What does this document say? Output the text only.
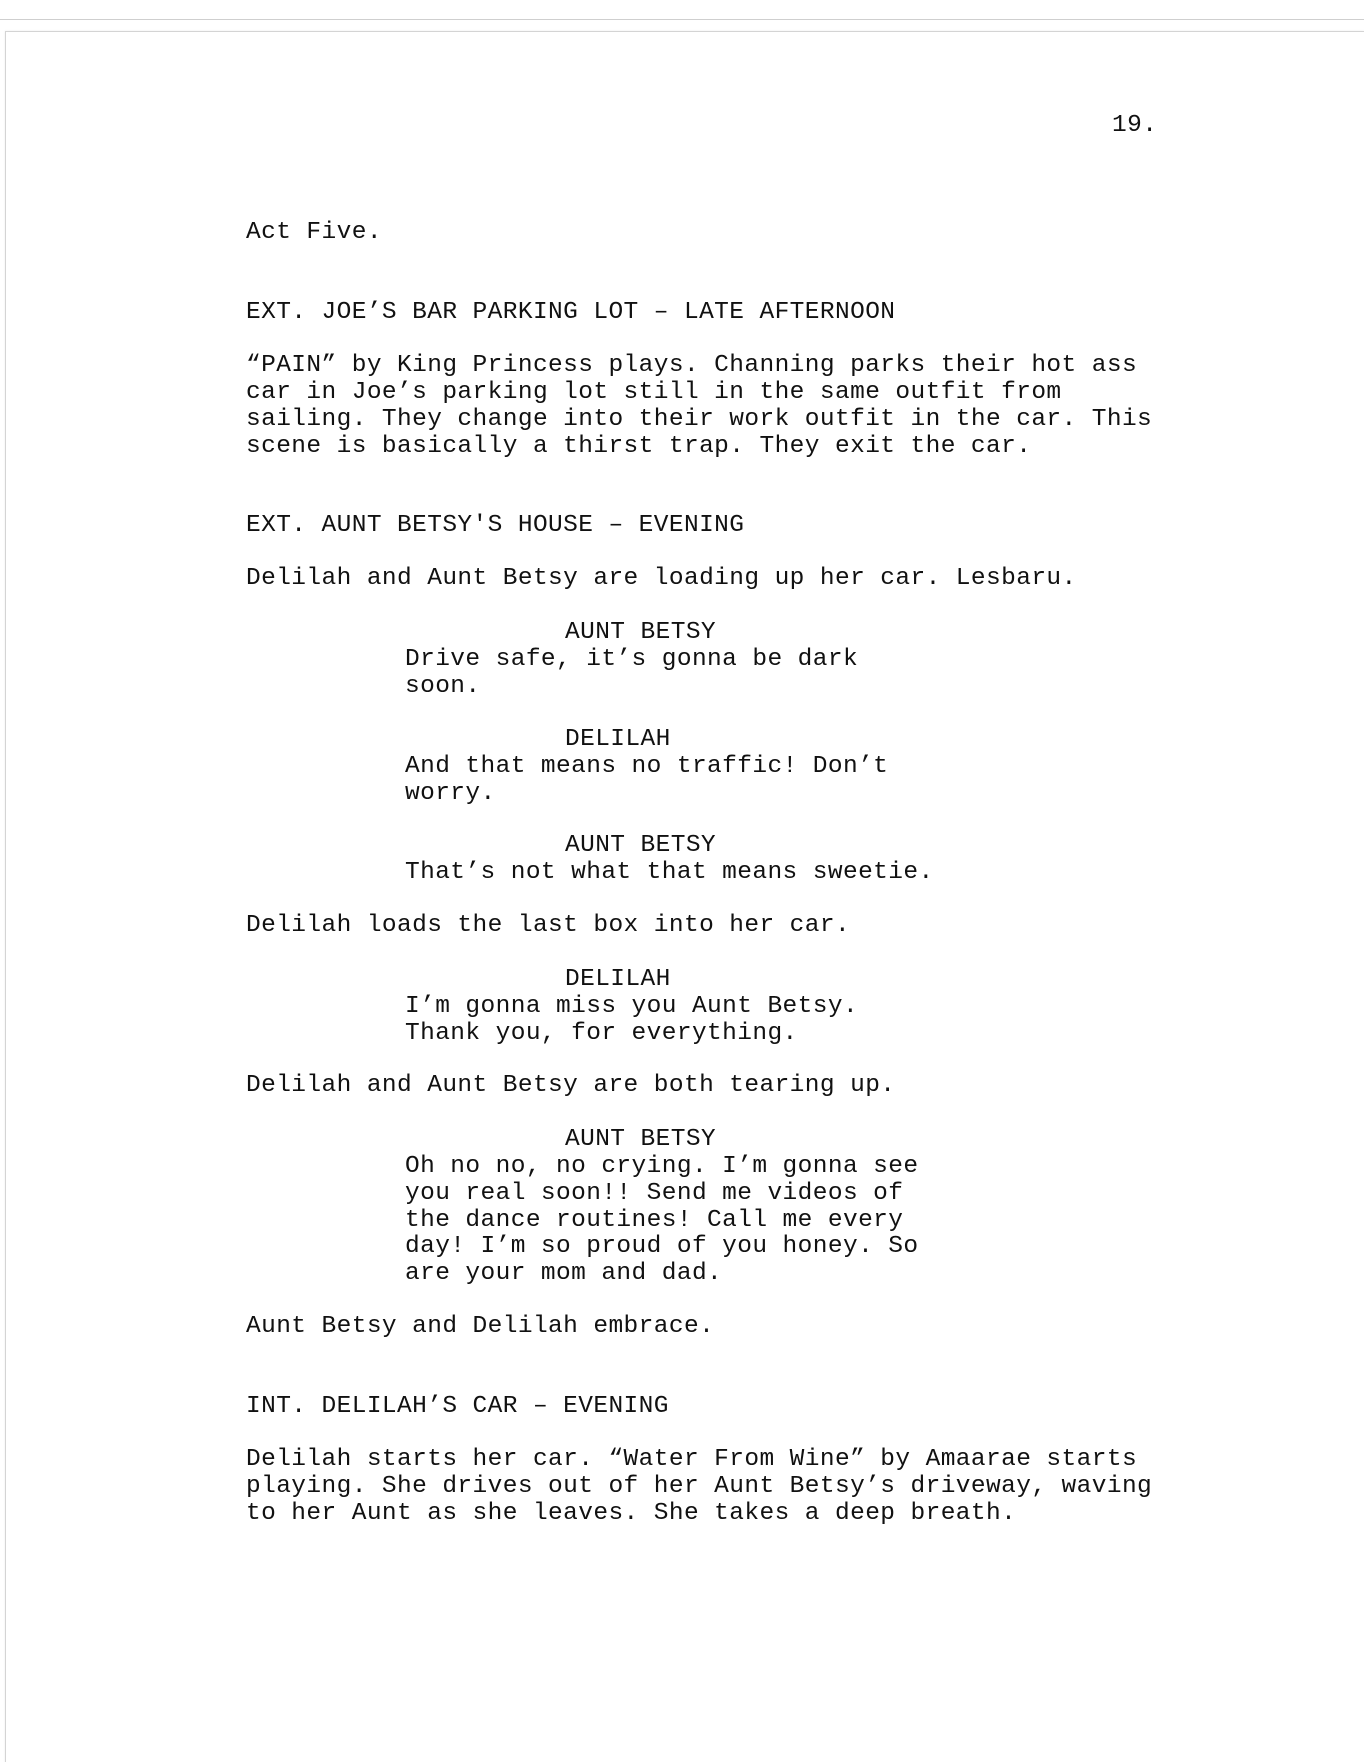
19.

Act Five.

EXT. JOE’S BAR PARKING LOT – LATE AFTERNOON

“PAIN” by King Princess plays. Channing parks their hot ass

car in Joe’s parking lot still in the same outfit from

sailing. They change into their work outfit in the car. This

scene is basically a thirst trap. They exit the car.

EXT. AUNT BETSY'S HOUSE – EVENING

Delilah and Aunt Betsy are loading up her car. Lesbaru.

AUNT BETSY

Drive safe, it’s gonna be dark

soon.

DELILAH

And that means no traffic! Don’t

worry.

AUNT BETSY

That’s not what that means sweetie.

Delilah loads the last box into her car.

DELILAH

I’m gonna miss you Aunt Betsy.

Thank you, for everything.

Delilah and Aunt Betsy are both tearing up.

AUNT BETSY

Oh no no, no crying. I’m gonna see

you real soon!! Send me videos of

the dance routines! Call me every

day! I’m so proud of you honey. So

are your mom and dad.

Aunt Betsy and Delilah embrace.

INT. DELILAH’S CAR – EVENING

Delilah starts her car. “Water From Wine” by Amaarae starts

playing. She drives out of her Aunt Betsy’s driveway, waving

to her Aunt as she leaves. She takes a deep breath.
